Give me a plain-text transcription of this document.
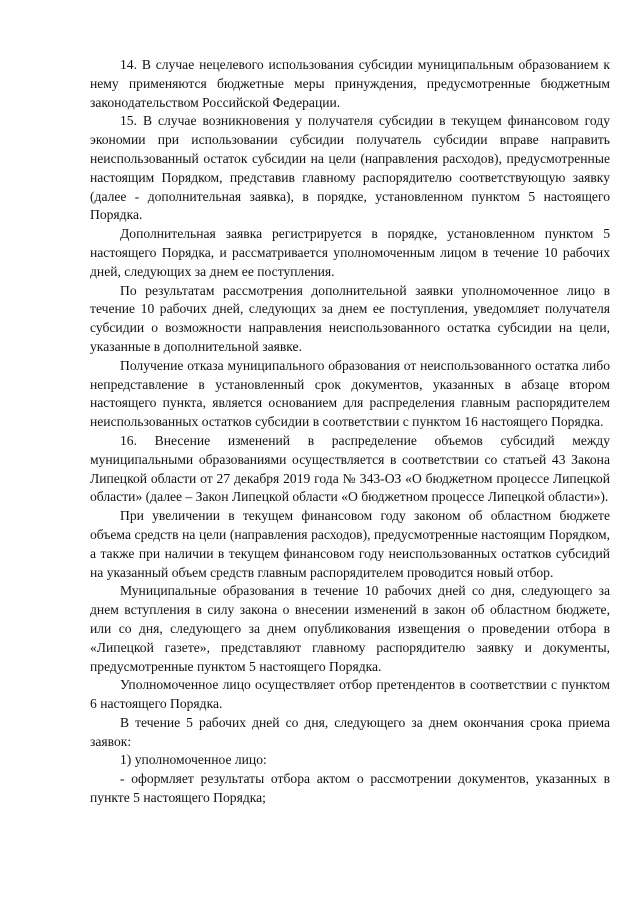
14. В случае нецелевого использования субсидии муниципальным образованием к нему применяются бюджетные меры принуждения, предусмотренные бюджетным законодательством Российской Федерации.

15. В случае возникновения у получателя субсидии в текущем финансовом году экономии при использовании субсидии получатель субсидии вправе направить неиспользованный остаток субсидии на цели (направления расходов), предусмотренные настоящим Порядком, представив главному распорядителю соответствующую заявку (далее - дополнительная заявка), в порядке, установленном пунктом 5 настоящего Порядка.

Дополнительная заявка регистрируется в порядке, установленном пунктом 5 настоящего Порядка, и рассматривается уполномоченным лицом в течение 10 рабочих дней, следующих за днем ее поступления.

По результатам рассмотрения дополнительной заявки уполномоченное лицо в течение 10 рабочих дней, следующих за днем ее поступления, уведомляет получателя субсидии о возможности направления неиспользованного остатка субсидии на цели, указанные в дополнительной заявке.

Получение отказа муниципального образования от неиспользованного остатка либо непредставление в установленный срок документов, указанных в абзаце втором настоящего пункта, является основанием для распределения главным распорядителем неиспользованных остатков субсидии в соответствии с пунктом 16 настоящего Порядка.

16. Внесение изменений в распределение объемов субсидий между муниципальными образованиями осуществляется в соответствии со статьей 43 Закона Липецкой области от 27 декабря 2019 года № 343-ОЗ «О бюджетном процессе Липецкой области» (далее – Закон Липецкой области «О бюджетном процессе Липецкой области»).

При увеличении в текущем финансовом году законом об областном бюджете объема средств на цели (направления расходов), предусмотренные настоящим Порядком, а также при наличии в текущем финансовом году неиспользованных остатков субсидий на указанный объем средств главным распорядителем проводится новый отбор.

Муниципальные образования в течение 10 рабочих дней со дня, следующего за днем вступления в силу закона о внесении изменений в закон об областном бюджете, или со дня, следующего за днем опубликования извещения о проведении отбора в «Липецкой газете», представляют главному распорядителю заявку и документы, предусмотренные пунктом 5 настоящего Порядка.

Уполномоченное лицо осуществляет отбор претендентов в соответствии с пунктом 6 настоящего Порядка.

В течение 5 рабочих дней со дня, следующего за днем окончания срока приема заявок:

1) уполномоченное лицо:

- оформляет результаты отбора актом о рассмотрении документов, указанных в пункте 5 настоящего Порядка;
